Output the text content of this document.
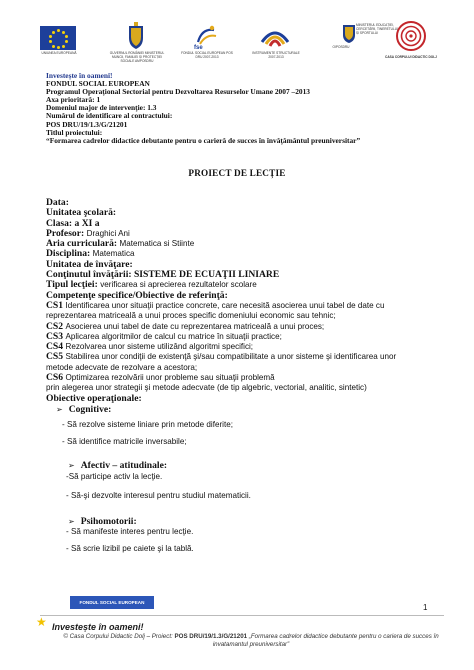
UNIUNEA EUROPEANĂ	GUVERNUL ROMÂNIEI MINISTERUL MUNCII, FAMILIEI ȘI PROTECȚIEI SOCIALE AMPOSDRU
fse
FONDUL SOCIAL EUROPEAN POS DRU 2007-2013
INSTRUMENTE STRUCTURALE 2007-2013
OIPOSDRU
MINISTERUL EDUCAȚIEI, CERCETĂRII, TINERETULUI ȘI SPORTULUI
CASA CORPULUI DIDACTIC DOLJ
Investește în oameni!
FONDUL SOCIAL EUROPEAN
Programul Operaţional Sectorial pentru Dezvoltarea Resurselor Umane 2007 –2013
Axa prioritară: 1
Domeniul major de intervenţie: 1.3
Numărul de identificare al contractului:
POS DRU/19/1.3/G/21201
Titlul proiectului:
“Formarea cadrelor didactice debutante pentru o carieră de succes în învăţământul preuniversitar”
PROIECT DE LECȚIE
Data:
Unitatea şcolară:
Clasa: a XI a
Profesor: Draghici Ani
Aria curriculară: Matematica si Stiinte
Disciplina: Matematica
Unitatea de învăţare:
Conţinutul învăţării: SISTEME DE ECUAŢII LINIARE
Tipul lecţiei: verificarea si aprecierea rezultatelor scolare
Competenţe specifice/Obiective de referinţă:
CS1 Identificarea unor situaţii practice concrete, care necesită asocierea unui tabel de date cu
reprezentarea matriceală a unui proces specific domeniului economic sau tehnic;
CS2 Asocierea unui tabel de date cu reprezentarea matriceală a unui proces;
CS3 Aplicarea algoritmilor de calcul cu matrice în situaţii practice;
CS4 Rezolvarea unor sisteme utilizând algoritmi specifici;
CS5 Stabilirea unor condiţii de existenţă şi/sau compatibilitate a unor sisteme şi identificarea unor
metode adecvate de rezolvare a acestora;
CS6 Optimizarea rezolvării unor probleme sau situaţii problemă
prin alegerea unor strategii şi metode adecvate (de tip algebric, vectorial, analitic, sintetic)
Obiective operaţionale:
➢ Cognitive:
- Să rezolve sisteme liniare prin metode diferite;
- Să identifice matricile inversabile;
➢ Afectiv – atitudinale:
-Să participe activ la lecţie.
- Să-şi dezvolte interesul pentru studiul matematicii.
➢ Psihomotorii:
- Să manifeste interes pentru lecţie.
- Să scrie lizibil pe caiete şi la tablă.
FONDUL SOCIAL EUROPEAN
1
★ Investește în oameni!
© Casa Corpului Didactic Dolj – Proiect: POS DRU/19/1.3/G/21201 „Formarea cadrelor didactice debutante pentru o cariera de succes în invatamantul preuniversitar”
